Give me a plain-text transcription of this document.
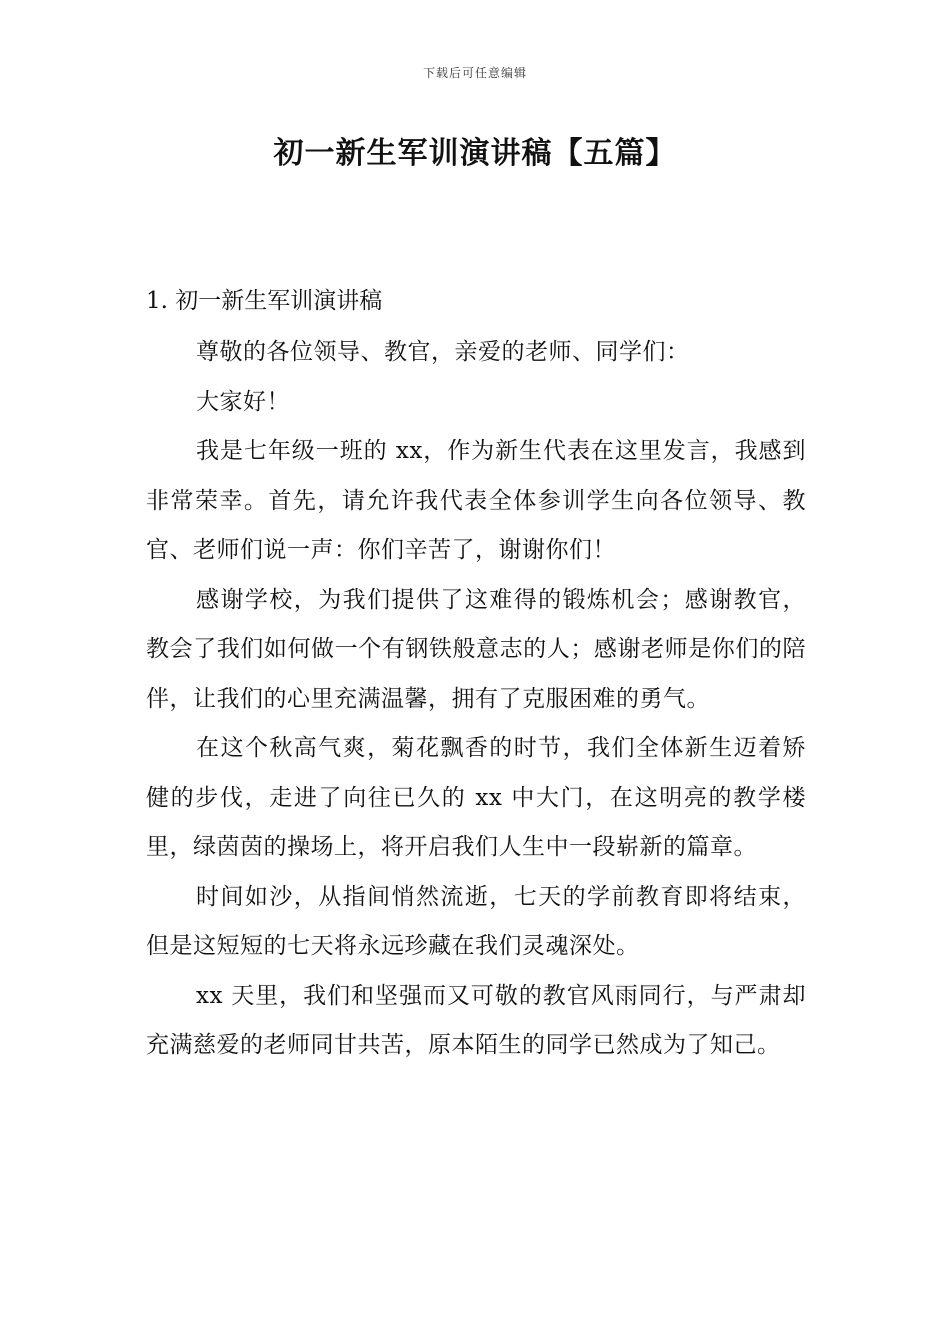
下载后可任意编辑
初一新生军训演讲稿【五篇】
1. 初一新生军训演讲稿

尊敬的各位领导、教官，亲爱的老师、同学们：

大家好！

我是七年级一班的 xx，作为新生代表在这里发言，我感到非常荣幸。首先，请允许我代表全体参训学生向各位领导、教官、老师们说一声：你们辛苦了，谢谢你们！

感谢学校，为我们提供了这难得的锻炼机会；感谢教官，教会了我们如何做一个有钢铁般意志的人；感谢老师是你们的陪伴，让我们的心里充满温馨，拥有了克服困难的勇气。

在这个秋高气爽，菊花飘香的时节，我们全体新生迈着矫健的步伐，走进了向往已久的 xx 中大门，在这明亮的教学楼里，绿茵茵的操场上，将开启我们人生中一段崭新的篇章。

时间如沙，从指间悄然流逝，七天的学前教育即将结束，但是这短短的七天将永远珍藏在我们灵魂深处。

xx 天里，我们和坚强而又可敬的教官风雨同行，与严肃却充满慈爱的老师同甘共苦，原本陌生的同学已然成为了知己。
